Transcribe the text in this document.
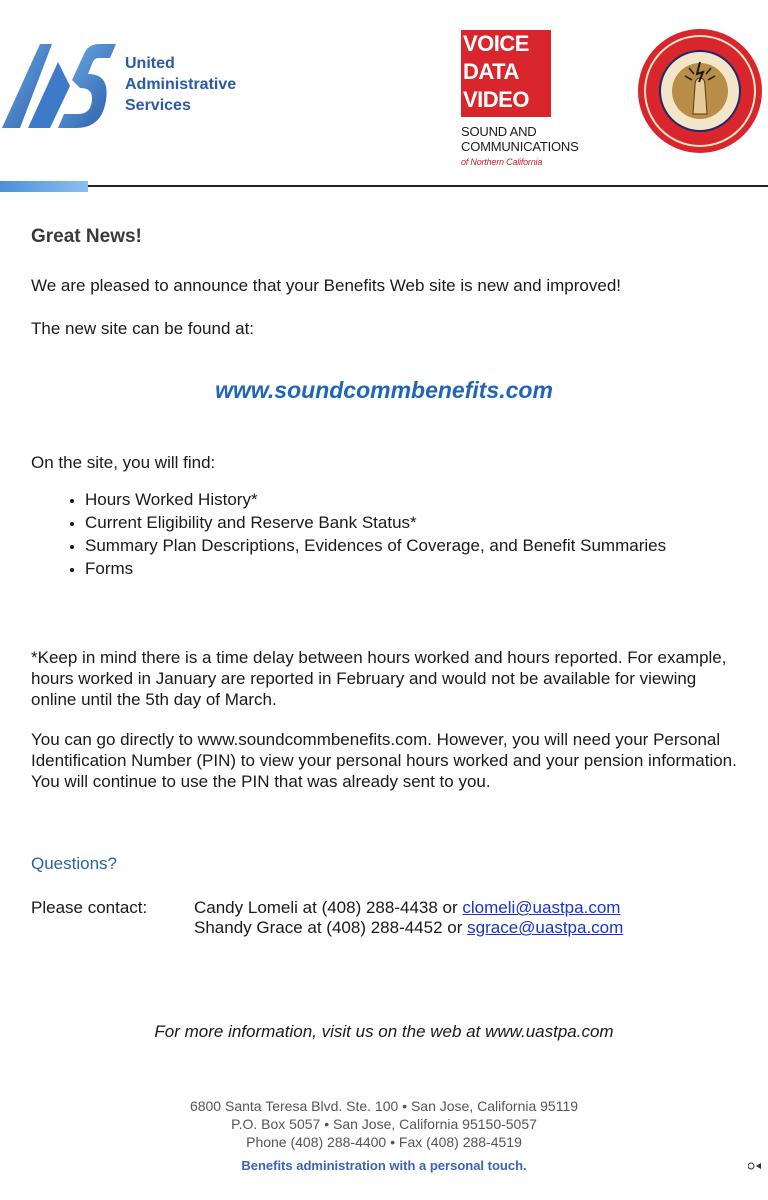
United
Administrative
Services
VOICE
DATA
VIDEO
SOUND AND
COMMUNICATIONS
of Northern California
Great News!

We are pleased to announce that your Benefits Web site is new and improved!

The new site can be found at:

www.soundcommbenefits.com

On the site, you will find:

• Hours Worked History*
• Current Eligibility and Reserve Bank Status*
• Summary Plan Descriptions, Evidences of Coverage, and Benefit Summaries
• Forms

*Keep in mind there is a time delay between hours worked and hours reported. For example, hours worked in January are reported in February and would not be available for viewing online until the 5th day of March.

You can go directly to www.soundcommbenefits.com. However, you will need your Personal Identification Number (PIN) to view your personal hours worked and your pension information. You will continue to use the PIN that was already sent to you.

Questions?
Please contact:	Candy Lomeli at (408) 288-4438 or clomeli@uastpa.com
Shandy Grace at (408) 288-4452 or sgrace@uastpa.com
For more information, visit us on the web at www.uastpa.com
6800 Santa Teresa Blvd. Ste. 100 • San Jose, California 95119
P.O. Box 5057 • San Jose, California 95150-5057
Phone (408) 288-4400 • Fax (408) 288-4519
Benefits administration with a personal touch.
